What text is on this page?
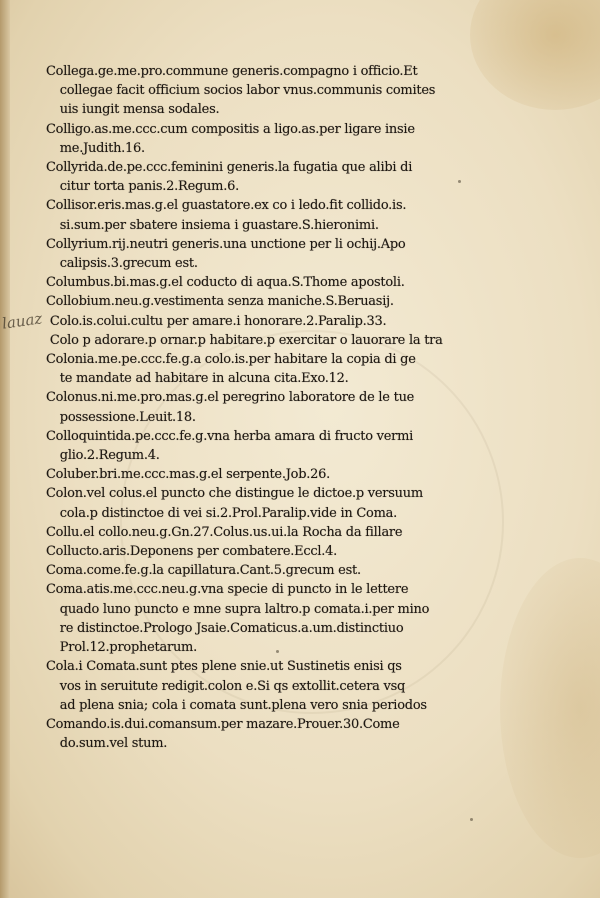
lauaz
Collega.ge.me.pro.commune generis.compagno i officio.Et
collegae facit officium socios labor vnus.communis comites
uis iungit mensa sodales.
Colligo.as.me.ccc.cum compositis a ligo.as.per ligare insie
me.Judith.16.
Collyrida.de.pe.ccc.feminini generis.la fugatia que alibi di
citur torta panis.2.Regum.6.
Collisor.eris.mas.g.el guastatore.ex co i ledo.fit collido.is.
si.sum.per sbatere insiema i guastare.S.hieronimi.
Collyrium.rij.neutri generis.una unctione per li ochij.Apo
calipsis.3.grecum est.
Columbus.bi.mas.g.el coducto di aqua.S.Thome apostoli.
Collobium.neu.g.vestimenta senza maniche.S.Beruasij.
Colo.is.colui.cultu per amare.i honorare.2.Paralip.33.
Colo p adorare.p ornar.p habitare.p exercitar o lauorare la tra
Colonia.me.pe.ccc.fe.g.a colo.is.per habitare la copia di ge
te mandate ad habitare in alcuna cita.Exo.12.
Colonus.ni.me.pro.mas.g.el peregrino laboratore de le tue
possessione.Leuit.18.
Colloquintida.pe.ccc.fe.g.vna herba amara di fructo vermi
glio.2.Regum.4.
Coluber.bri.me.ccc.mas.g.el serpente.Job.26.
Colon.vel colus.el puncto che distingue le dictoe.p versuum
cola.p distinctoe di vei si.2.Prol.Paralip.vide in Coma.
Collu.el collo.neu.g.Gn.27.Colus.us.ui.la Rocha da fillare
Collucto.aris.Deponens per combatere.Eccl.4.
Coma.come.fe.g.la capillatura.Cant.5.grecum est.
Coma.atis.me.ccc.neu.g.vna specie di puncto in le lettere
quado luno puncto e mne supra laltro.p comata.i.per mino
re distinctoe.Prologo Jsaie.Comaticus.a.um.distinctiuo
Prol.12.prophetarum.
Cola.i Comata.sunt ptes plene snie.ut Sustinetis enisi qs
vos in seruitute redigit.colon e.Si qs extollit.cetera vsq
ad plena snia; cola i comata sunt.plena vero snia periodos
Comando.is.dui.comansum.per mazare.Prouer.30.Come
do.sum.vel stum.
